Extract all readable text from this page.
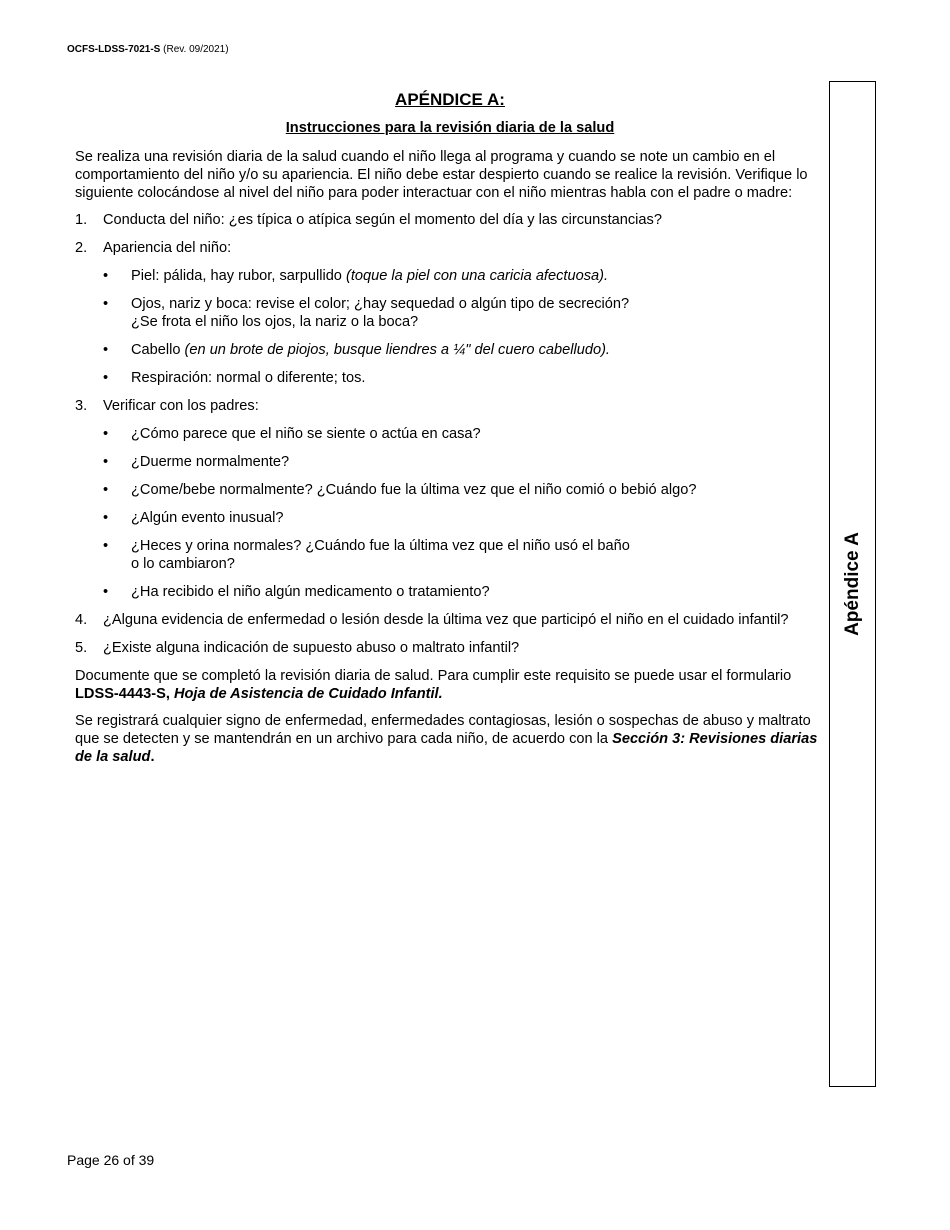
OCFS-LDSS-7021-S (Rev. 09/2021)
Apéndice A
APÉNDICE A:
Instrucciones para la revisión diaria de la salud

Se realiza una revisión diaria de la salud cuando el niño llega al programa y cuando se note un cambio en el comportamiento del niño y/o su apariencia. El niño debe estar despierto cuando se realice la revisión. Verifique lo siguiente colocándose al nivel del niño para poder interactuar con el niño mientras habla con el padre o madre:

1. Conducta del niño: ¿es típica o atípica según el momento del día y las circunstancias?
2. Apariencia del niño:
• Piel: pálida, hay rubor, sarpullido (toque la piel con una caricia afectuosa).
• Ojos, nariz y boca: revise el color; ¿hay sequedad o algún tipo de secreción?
¿Se frota el niño los ojos, la nariz o la boca?
• Cabello (en un brote de piojos, busque liendres a ¼" del cuero cabelludo).
• Respiración: normal o diferente; tos.
3. Verificar con los padres:
• ¿Cómo parece que el niño se siente o actúa en casa?
• ¿Duerme normalmente?
• ¿Come/bebe normalmente? ¿Cuándo fue la última vez que el niño comió o bebió algo?
• ¿Algún evento inusual?
• ¿Heces y orina normales? ¿Cuándo fue la última vez que el niño usó el baño
o lo cambiaron?
• ¿Ha recibido el niño algún medicamento o tratamiento?
4. ¿Alguna evidencia de enfermedad o lesión desde la última vez que participó el niño en el cuidado infantil?
5. ¿Existe alguna indicación de supuesto abuso o maltrato infantil?

Documente que se completó la revisión diaria de salud. Para cumplir este requisito se puede usar el formulario LDSS-4443-S, Hoja de Asistencia de Cuidado Infantil.

Se registrará cualquier signo de enfermedad, enfermedades contagiosas, lesión o sospechas de abuso y maltrato que se detecten y se mantendrán en un archivo para cada niño, de acuerdo con la Sección 3: Revisiones diarias de la salud.

Page 26 of 39
